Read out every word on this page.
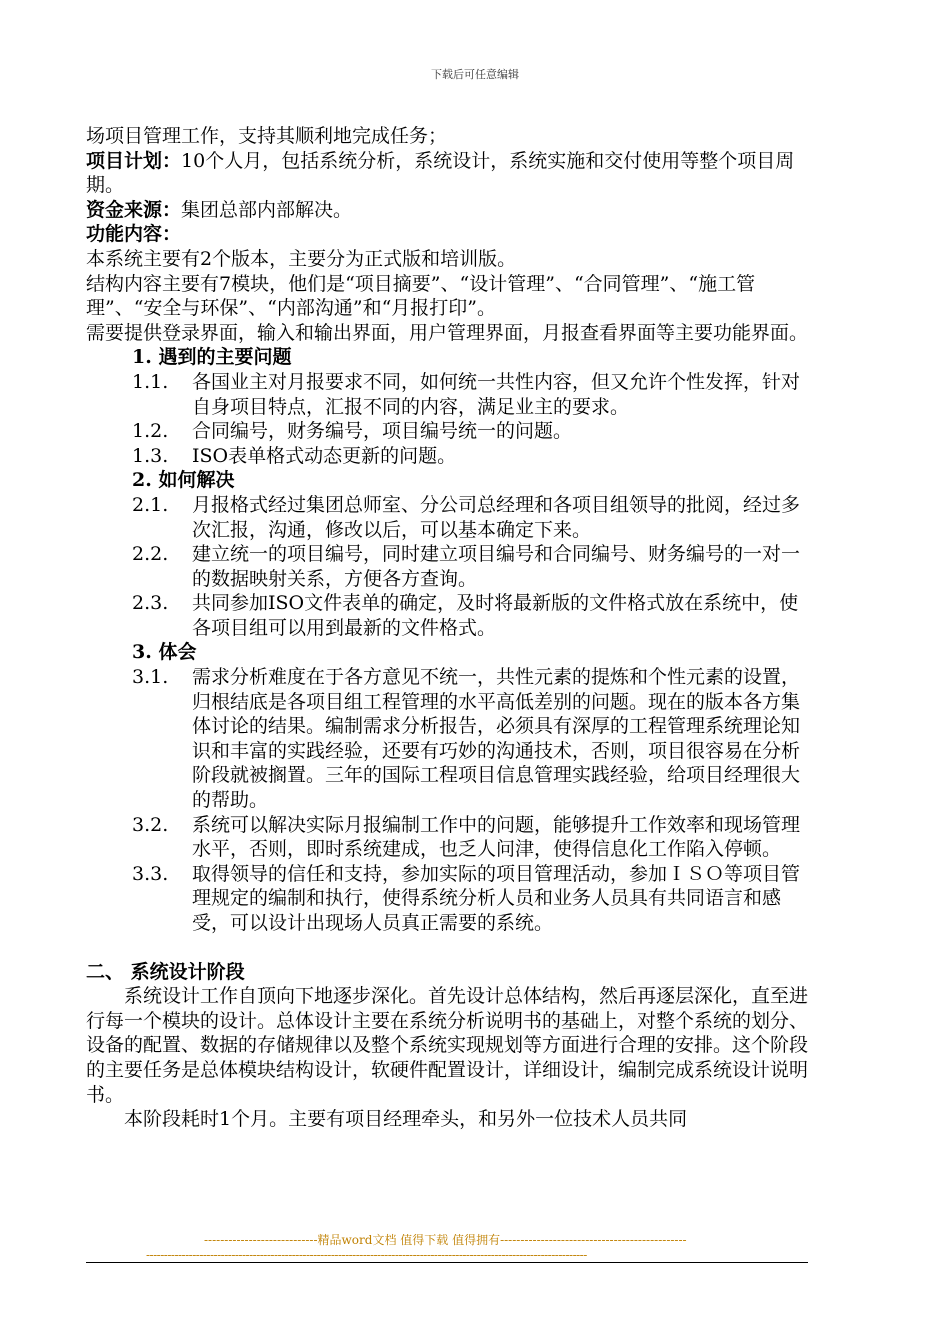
下载后可任意编辑

场项目管理工作，支持其顺利地完成任务；

项目计划：10个人月，包括系统分析，系统设计，系统实施和交付使用等整个项目周期。

资金来源：集团总部内部解决。

功能内容：

本系统主要有2个版本，主要分为正式版和培训版。

结构内容主要有7模块，他们是“项目摘要”、“设计管理”、“合同管理”、“施工管理”、“安全与环保”、“内部沟通”和“月报打印”。

需要提供登录界面，输入和输出界面，用户管理界面，月报查看界面等主要功能界面。

1. 遇到的主要问题

1.1.	各国业主对月报要求不同，如何统一共性内容，但又允许个性发挥，针对自身项目特点，汇报不同的内容，满足业主的要求。
1.2.	合同编号，财务编号，项目编号统一的问题。
1.3.	ISO表单格式动态更新的问题。

2. 如何解决

2.1.	月报格式经过集团总师室、分公司总经理和各项目组领导的批阅，经过多次汇报，沟通，修改以后，可以基本确定下来。
2.2.	建立统一的项目编号，同时建立项目编号和合同编号、财务编号的一对一的数据映射关系，方便各方查询。
2.3.	共同参加ISO文件表单的确定，及时将最新版的文件格式放在系统中，使各项目组可以用到最新的文件格式。

3. 体会

3.1.	需求分析难度在于各方意见不统一，共性元素的提炼和个性元素的设置，归根结底是各项目组工程管理的水平高低差别的问题。现在的版本各方集体讨论的结果。编制需求分析报告，必须具有深厚的工程管理系统理论知识和丰富的实践经验，还要有巧妙的沟通技术，否则，项目很容易在分析阶段就被搁置。三年的国际工程项目信息管理实践经验，给项目经理很大的帮助。
3.2.	系统可以解决实际月报编制工作中的问题，能够提升工作效率和现场管理水平，否则，即时系统建成，也乏人问津，使得信息化工作陷入停顿。
3.3.	取得领导的信任和支持，参加实际的项目管理活动，参加ＩＳＯ等项目管理规定的编制和执行，使得系统分析人员和业务人员具有共同语言和感受，可以设计出现场人员真正需要的系统。

二、 系统设计阶段

系统设计工作自顶向下地逐步深化。首先设计总体结构，然后再逐层深化，直至进行每一个模块的设计。总体设计主要在系统分析说明书的基础上，对整个系统的划分、设备的配置、数据的存储规律以及整个系统实现规划等方面进行合理的安排。这个阶段的主要任务是总体模块结构设计，软硬件配置设计，详细设计，编制完成系统设计说明书。

本阶段耗时1个月。主要有项目经理牵头，和另外一位技术人员共同

----------------------------精品word文档 值得下载 值得拥有----------------------------------------------
----------------------------------------------------------------------------------------------------------------------------
